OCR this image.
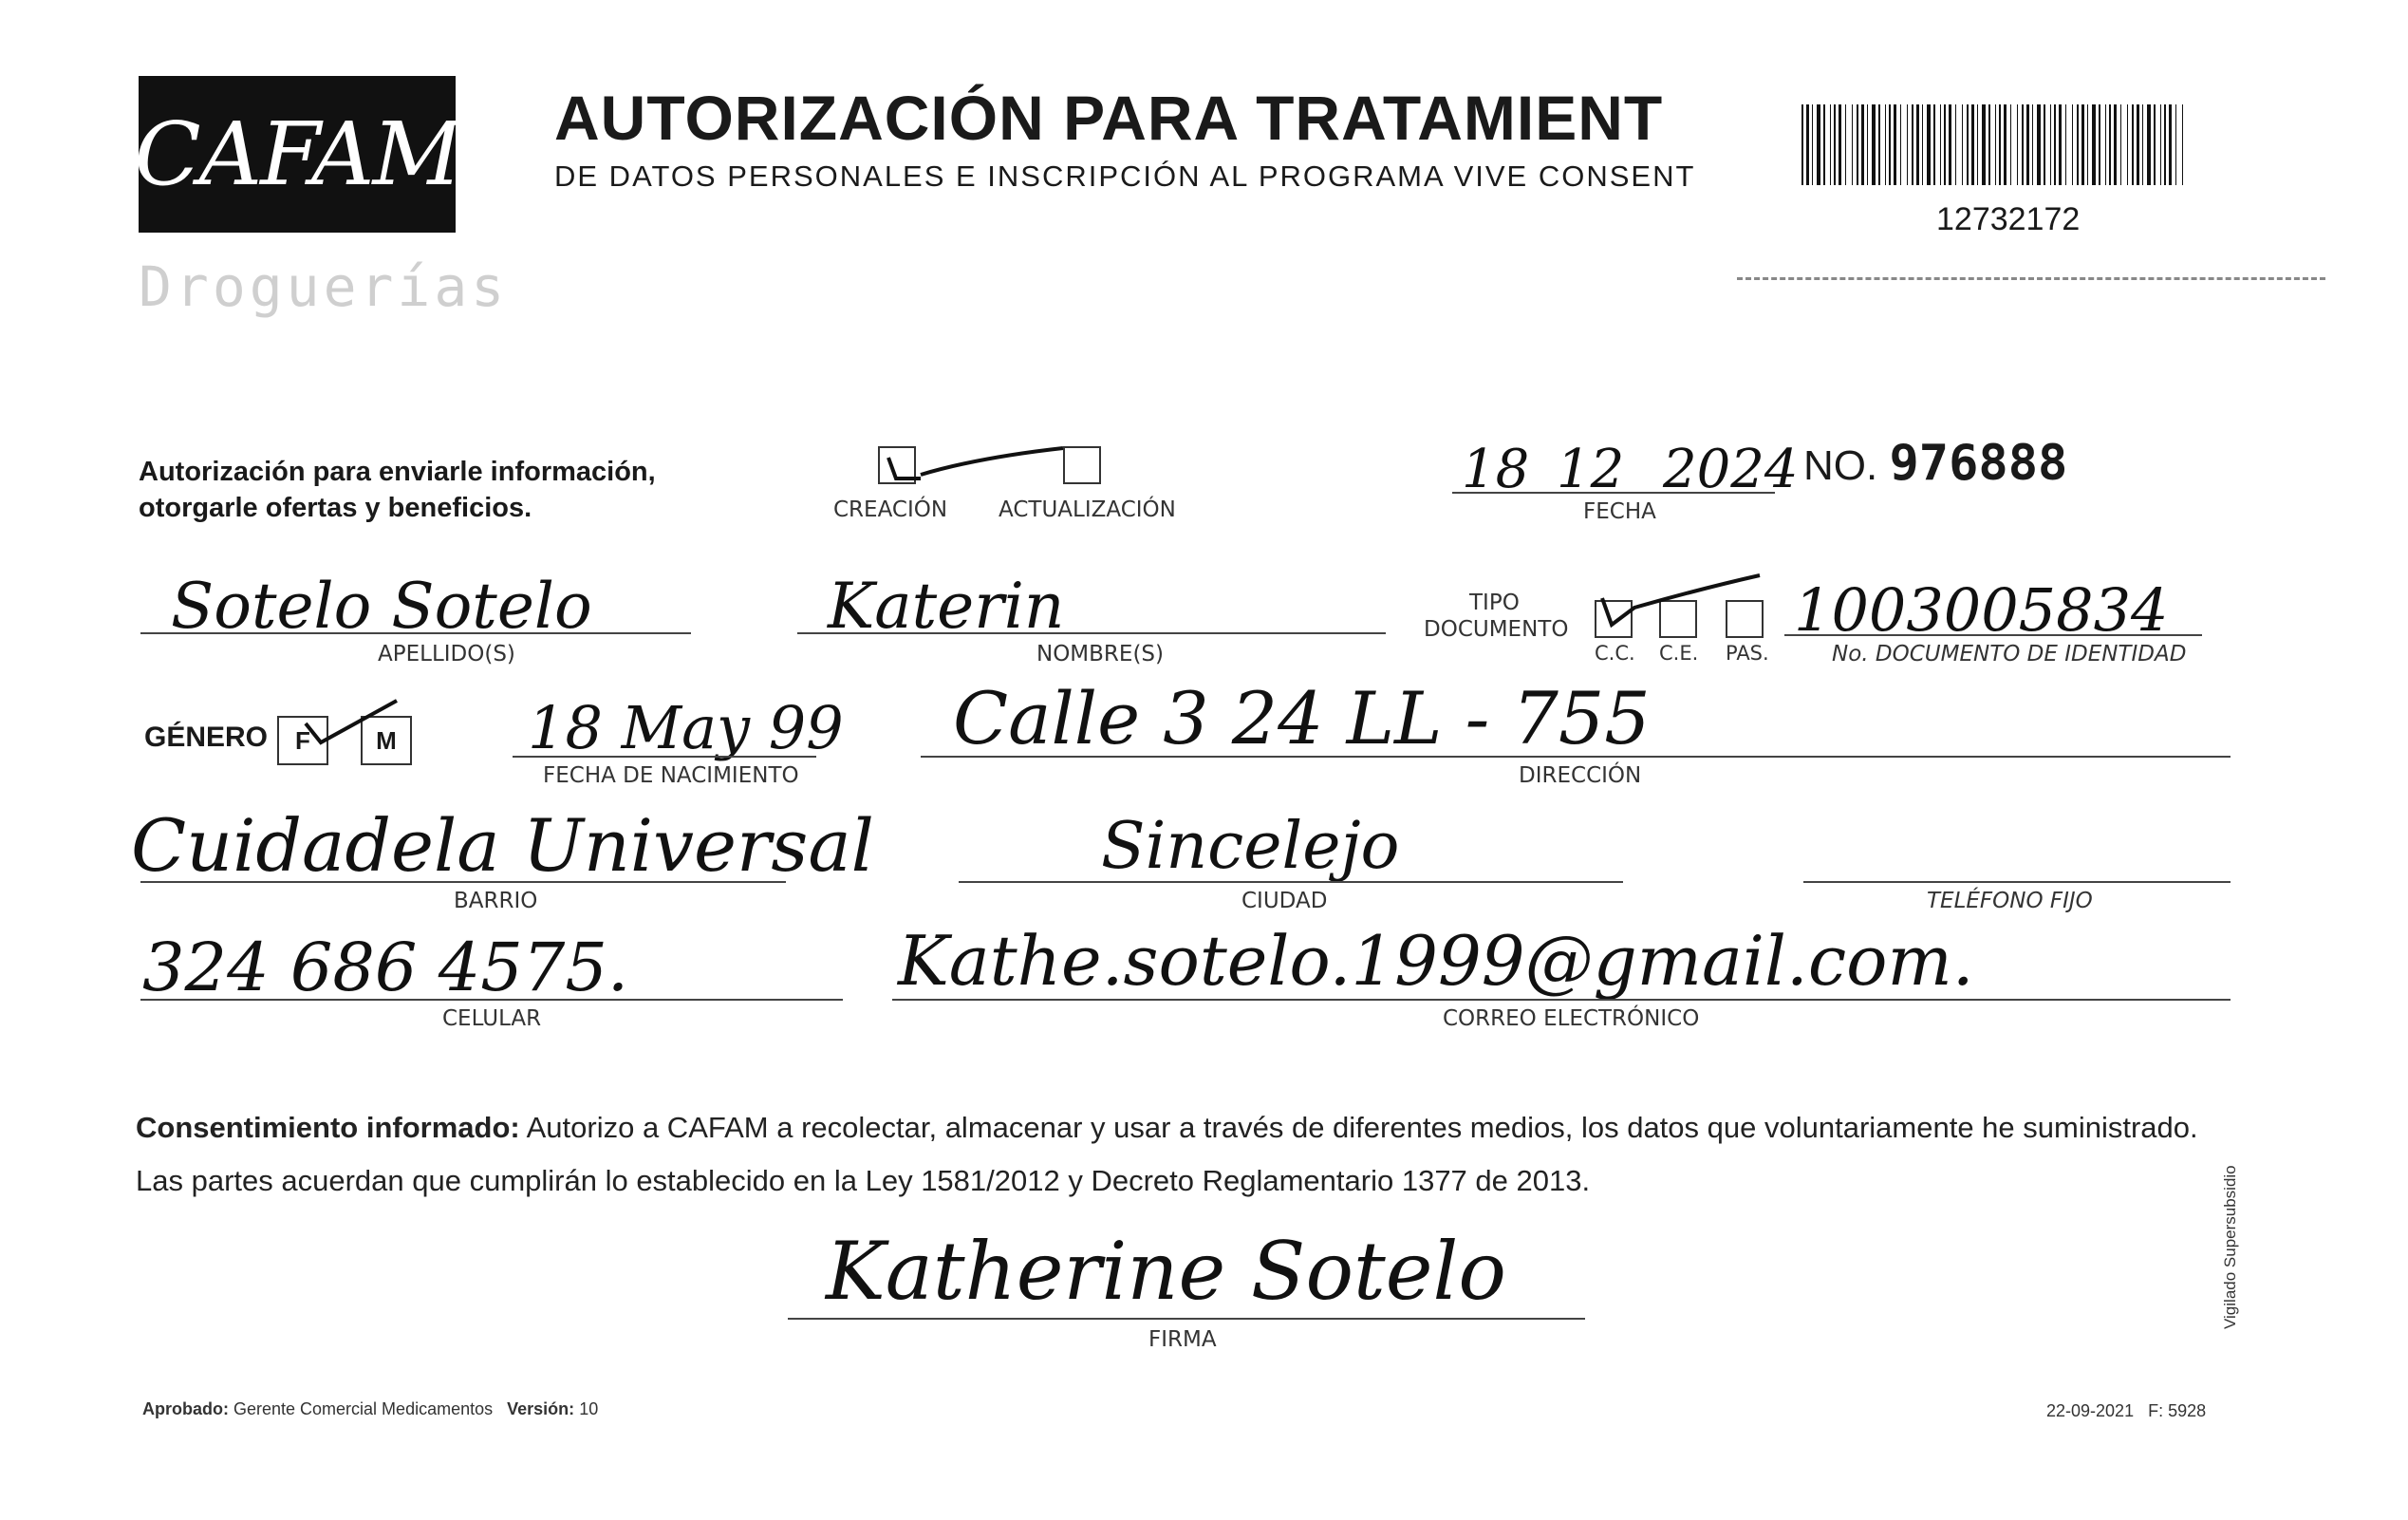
CAFAM
Droguerías
AUTORIZACIÓN PARA TRATAMIENT
DE DATOS PERSONALES E INSCRIPCIÓN AL PROGRAMA VIVE CONSENT
12732172
Autorización para enviarle información,
otorgarle ofertas y beneficios.	CREACIÓN ACTUALIZACIÓN
18 12 2024
FECHA
NO. 976888
Sotelo Sotelo
APELLIDO(S)
Katerin
NOMBRE(S)
TIPO
DOCUMENTO
C.C. C.E. PAS.
1003005834
No. DOCUMENTO DE IDENTIDAD
GÉNERO F	M 18 May 99
FECHA DE NACIMIENTO
Calle 3 24 LL - 755
DIRECCIÓN
Cuidadela Universal
BARRIO
Sincelejo
CIUDAD	TELÉFONO FIJO
324 686 4575.
CELULAR
Kathe.sotelo.1999@gmail.com.
CORREO ELECTRÓNICO
Consentimiento informado: Autorizo a CAFAM a recolectar, almacenar y usar a través de diferentes medios, los datos que voluntariamente he suministrado.
Las partes acuerdan que cumplirán lo establecido en la Ley 1581/2012 y Decreto Reglamentario 1377 de 2013.
Katherine Sotelo
FIRMA
Aprobado: Gerente Comercial Medicamentos Versión: 10	22-09-2021 F: 5928
Vigilado Supersubsidio
